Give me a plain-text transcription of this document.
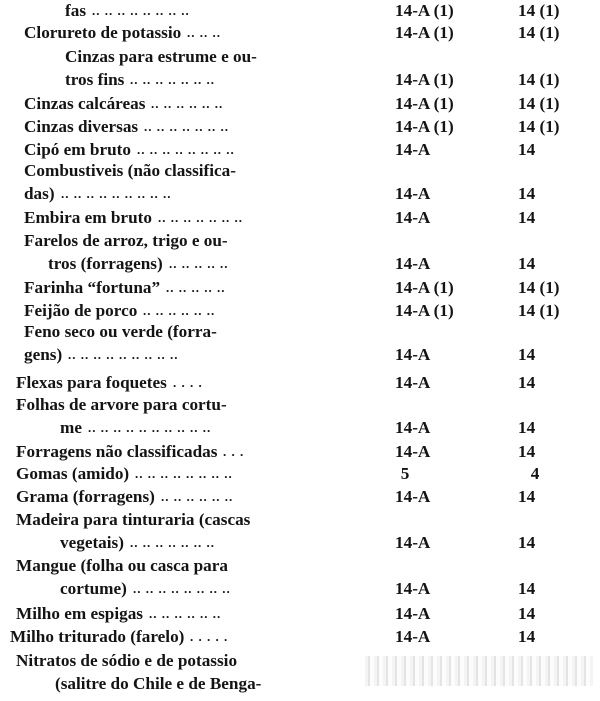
fas .. .. .. .. .. .. .. ..	14-A (1)	14 (1)
Clorureto de potassio .. .. ..	14-A (1)	14 (1)
Cinzas para estrume e ou-
tros fins .. .. .. .. .. .. ..	14-A (1)	14 (1)
Cinzas calcáreas .. .. .. .. .. ..	14-A (1)	14 (1)
Cinzas diversas .. .. .. .. .. .. ..	14-A (1)	14 (1)
Cipó em bruto .. .. .. .. .. .. .. ..	14-A	14
Combustiveis (não classifica-
das) .. .. .. .. .. .. .. .. ..	14-A	14
Embira em bruto .. .. .. .. .. .. ..	14-A	14
Farelos de arroz, trigo e ou-
tros (forragens) .. .. .. .. ..	14-A	14
Farinha “fortuna” .. .. .. .. ..	14-A (1)	14 (1)
Feijão de porco .. .. .. .. .. ..	14-A (1)	14 (1)
Feno seco ou verde (forra-
gens) .. .. .. .. .. .. .. .. ..	14-A	14
Flexas para foquetes . . . .	14-A	14
Folhas de arvore para cortu-
me .. .. .. .. .. .. .. .. .. ..	14-A	14
Forragens não classificadas . . .	14-A	14
Gomas (amido) .. .. .. .. .. .. .. ..	5	4
Grama (forragens) .. .. .. .. .. ..	14-A	14
Madeira para tinturaria (cascas
vegetais) .. .. .. .. .. .. ..	14-A	14
Mangue (folha ou casca para
cortume) .. .. .. .. .. .. .. ..	14-A	14
Milho em espigas .. .. .. .. .. ..	14-A	14
Milho triturado (farelo) . . . . .	14-A	14
Nitratos de sódio e de potassio
(salitre do Chile e de Benga-
